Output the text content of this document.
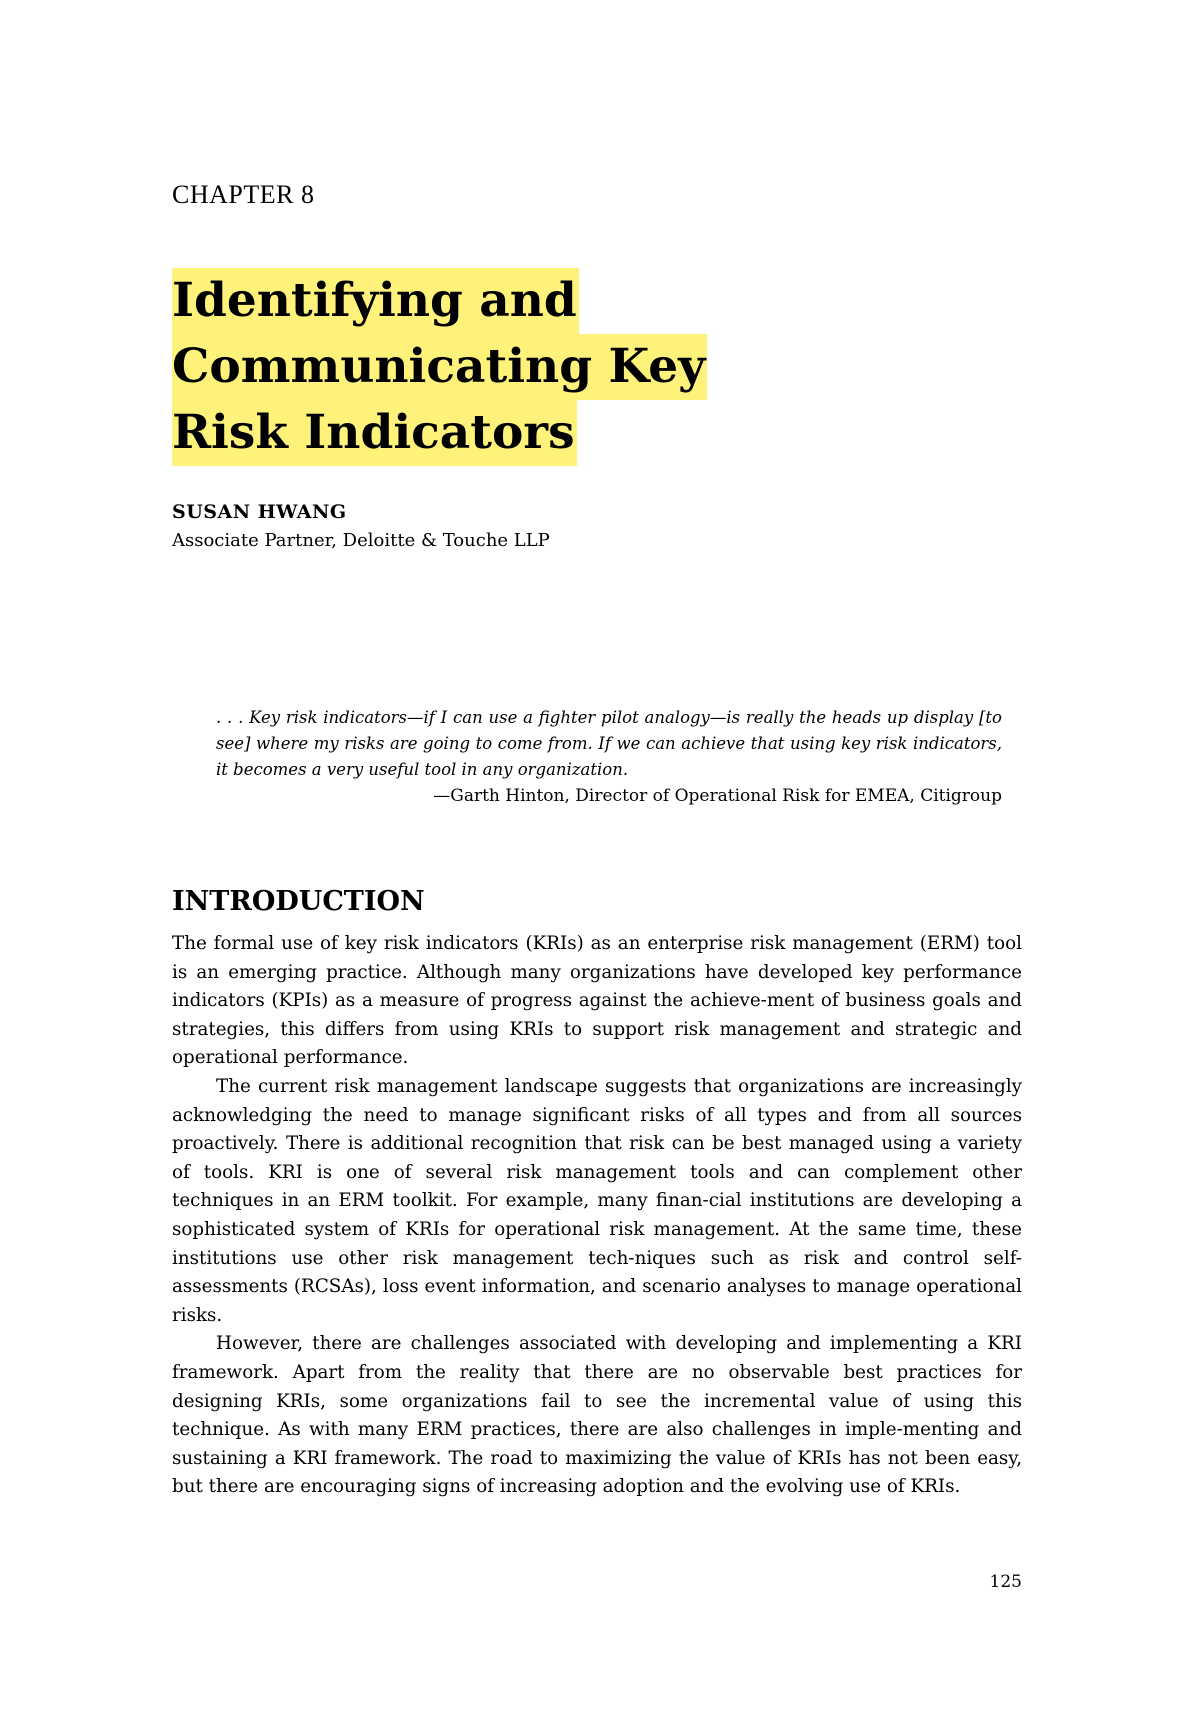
CHAPTER 8
Identifying and
Communicating Key
Risk Indicators
SUSAN HWANG
Associate Partner, Deloitte & Touche LLP

. . . Key risk indicators—if I can use a fighter pilot analogy—is really the heads up display [to see] where my risks are going to come from. If we can achieve that using key risk indicators, it becomes a very useful tool in any organization.

—Garth Hinton, Director of Operational Risk for EMEA, Citigroup

INTRODUCTION

The formal use of key risk indicators (KRIs) as an enterprise risk management (ERM) tool is an emerging practice. Although many organizations have developed key performance indicators (KPIs) as a measure of progress against the achieve-ment of business goals and strategies, this differs from using KRIs to support risk management and strategic and operational performance.

The current risk management landscape suggests that organizations are increasingly acknowledging the need to manage significant risks of all types and from all sources proactively. There is additional recognition that risk can be best managed using a variety of tools. KRI is one of several risk management tools and can complement other techniques in an ERM toolkit. For example, many finan-cial institutions are developing a sophisticated system of KRIs for operational risk management. At the same time, these institutions use other risk management tech-niques such as risk and control self-assessments (RCSAs), loss event information, and scenario analyses to manage operational risks.

However, there are challenges associated with developing and implementing a KRI framework. Apart from the reality that there are no observable best practices for designing KRIs, some organizations fail to see the incremental value of using this technique. As with many ERM practices, there are also challenges in imple-menting and sustaining a KRI framework. The road to maximizing the value of KRIs has not been easy, but there are encouraging signs of increasing adoption and the evolving use of KRIs.

125
